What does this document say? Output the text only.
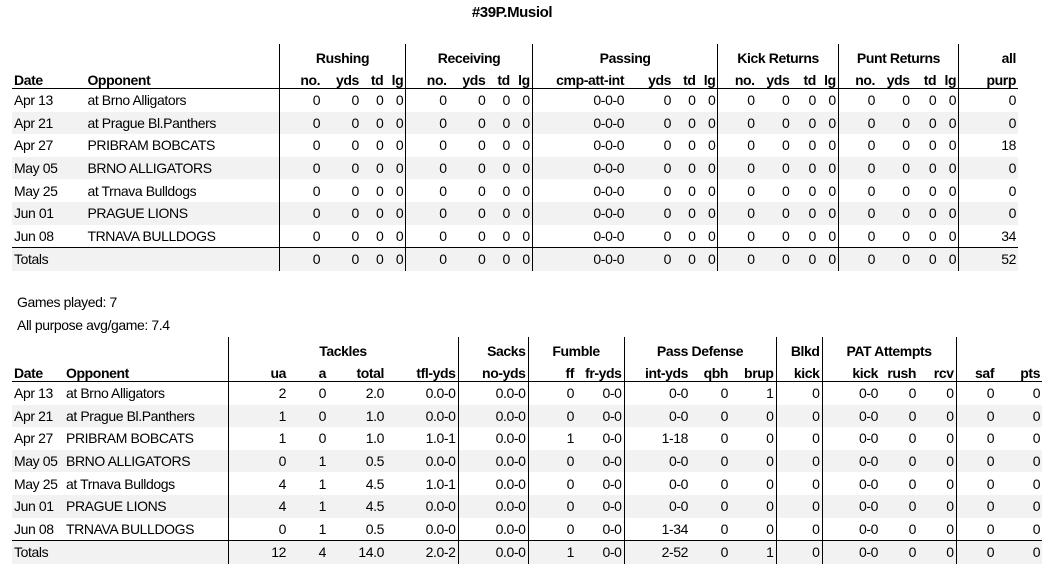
#39P.Musiol
		Rushing				Receiving				Passing				Kick Returns				Punt Returns				all
Date	Opponent	no.	yds	td	lg	no.	yds	td	lg	cmp-att-int	yds	td	lg	no.	yds	td	lg	no.	yds	td	lg	purp
Apr 13	at Brno Alligators	0	0	0	0	0	0	0	0	0-0-0	0	0	0	0	0	0	0	0	0	0	0	0
Apr 21	at Prague Bl.Panthers	0	0	0	0	0	0	0	0	0-0-0	0	0	0	0	0	0	0	0	0	0	0	0
Apr 27	PRIBRAM BOBCATS	0	0	0	0	0	0	0	0	0-0-0	0	0	0	0	0	0	0	0	0	0	0	18
May 05	BRNO ALLIGATORS	0	0	0	0	0	0	0	0	0-0-0	0	0	0	0	0	0	0	0	0	0	0	0
May 25	at Trnava Bulldogs	0	0	0	0	0	0	0	0	0-0-0	0	0	0	0	0	0	0	0	0	0	0	0
Jun 01	PRAGUE LIONS	0	0	0	0	0	0	0	0	0-0-0	0	0	0	0	0	0	0	0	0	0	0	0
Jun 08	TRNAVA BULLDOGS	0	0	0	0	0	0	0	0	0-0-0	0	0	0	0	0	0	0	0	0	0	0	34
Totals		0	0	0	0	0	0	0	0	0-0-0	0	0	0	0	0	0	0	0	0	0	0	52
Games played: 7
All purpose avg/game: 7.4
		Tackles				Sacks	Fumble		Pass Defense			Blkd	PAT Attempts				
Date	Opponent	ua	a	total	tfl-yds	no-yds	ff	fr-yds	int-yds	qbh	brup	kick	kick	rush	rcv	saf	pts
Apr 13	at Brno Alligators	2	0	2.0	0.0-0	0.0-0	0	0-0	0-0	0	1	0	0-0	0	0	0	0
Apr 21	at Prague Bl.Panthers	1	0	1.0	0.0-0	0.0-0	0	0-0	0-0	0	0	0	0-0	0	0	0	0
Apr 27	PRIBRAM BOBCATS	1	0	1.0	1.0-1	0.0-0	1	0-0	1-18	0	0	0	0-0	0	0	0	0
May 05	BRNO ALLIGATORS	0	1	0.5	0.0-0	0.0-0	0	0-0	0-0	0	0	0	0-0	0	0	0	0
May 25	at Trnava Bulldogs	4	1	4.5	1.0-1	0.0-0	0	0-0	0-0	0	0	0	0-0	0	0	0	0
Jun 01	PRAGUE LIONS	4	1	4.5	0.0-0	0.0-0	0	0-0	0-0	0	0	0	0-0	0	0	0	0
Jun 08	TRNAVA BULLDOGS	0	1	0.5	0.0-0	0.0-0	0	0-0	1-34	0	0	0	0-0	0	0	0	0
Totals		12	4	14.0	2.0-2	0.0-0	1	0-0	2-52	0	1	0	0-0	0	0	0	0
